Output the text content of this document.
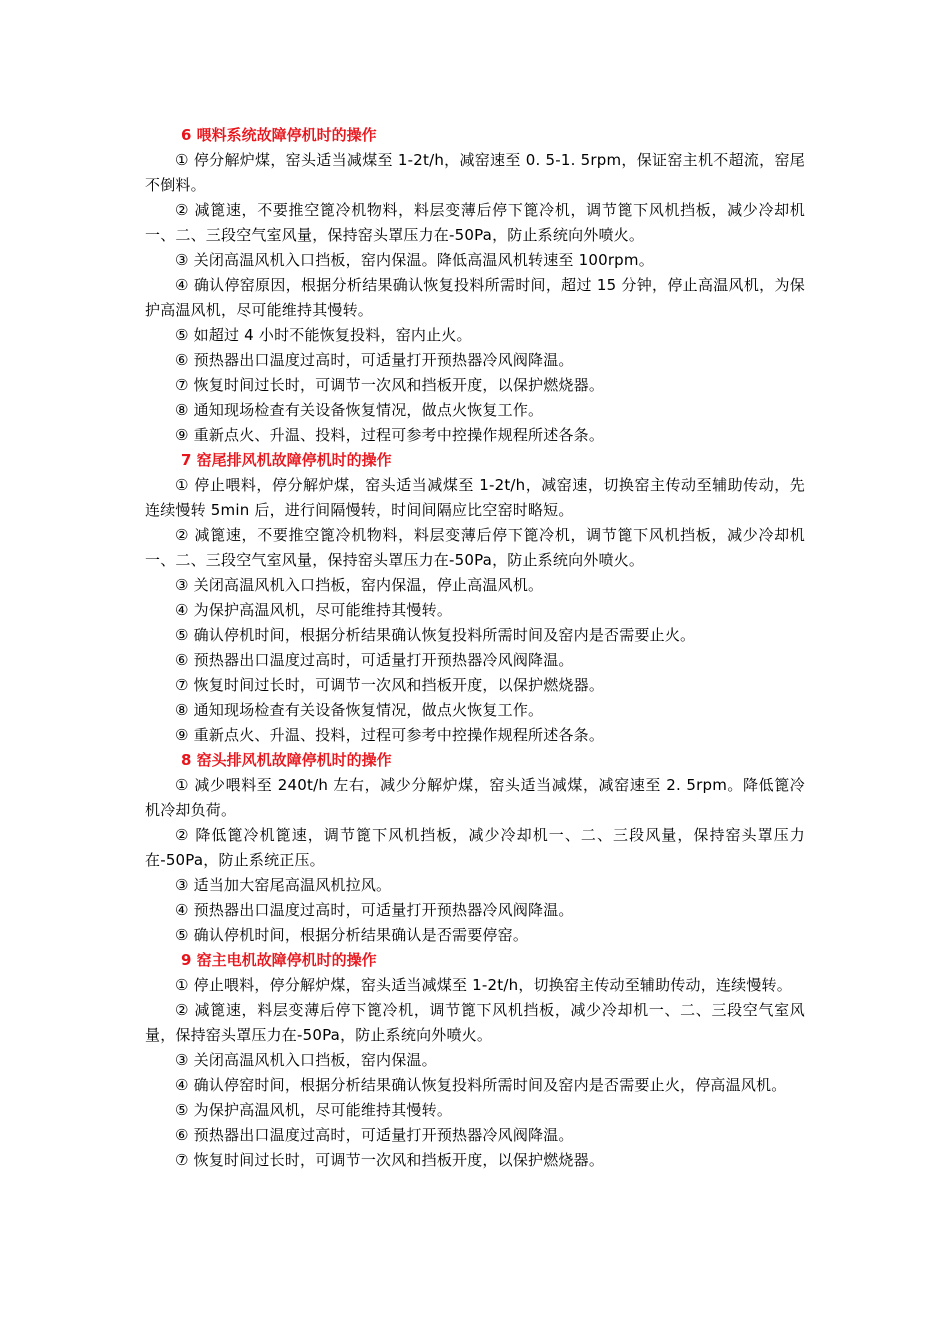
6 喂料系统故障停机时的操作

① 停分解炉煤，窑头适当减煤至 1-2t/h，减窑速至 0. 5-1. 5rpm，保证窑主机不超流，窑尾不倒料。

② 减篦速，不要推空篦冷机物料，料层变薄后停下篦冷机，调节篦下风机挡板，减少冷却机一、二、三段空气室风量，保持窑头罩压力在-50Pa，防止系统向外喷火。

③ 关闭高温风机入口挡板，窑内保温。降低高温风机转速至 100rpm。

④ 确认停窑原因，根据分析结果确认恢复投料所需时间，超过 15 分钟，停止高温风机，为保护高温风机，尽可能维持其慢转。

⑤ 如超过 4 小时不能恢复投料，窑内止火。

⑥ 预热器出口温度过高时，可适量打开预热器冷风阀降温。

⑦ 恢复时间过长时，可调节一次风和挡板开度，以保护燃烧器。

⑧ 通知现场检查有关设备恢复情况，做点火恢复工作。

⑨ 重新点火、升温、投料，过程可参考中控操作规程所述各条。

7 窑尾排风机故障停机时的操作

① 停止喂料，停分解炉煤，窑头适当减煤至 1-2t/h，减窑速，切换窑主传动至辅助传动，先连续慢转 5min 后，进行间隔慢转，时间间隔应比空窑时略短。

② 减篦速，不要推空篦冷机物料，料层变薄后停下篦冷机，调节篦下风机挡板，减少冷却机一、二、三段空气室风量，保持窑头罩压力在-50Pa，防止系统向外喷火。

③ 关闭高温风机入口挡板，窑内保温，停止高温风机。

④ 为保护高温风机，尽可能维持其慢转。

⑤ 确认停机时间，根据分析结果确认恢复投料所需时间及窑内是否需要止火。

⑥ 预热器出口温度过高时，可适量打开预热器冷风阀降温。

⑦ 恢复时间过长时，可调节一次风和挡板开度，以保护燃烧器。

⑧ 通知现场检查有关设备恢复情况，做点火恢复工作。

⑨ 重新点火、升温、投料，过程可参考中控操作规程所述各条。

8 窑头排风机故障停机时的操作

① 减少喂料至 240t/h 左右，减少分解炉煤，窑头适当减煤，减窑速至 2. 5rpm。降低篦冷机冷却负荷。

② 降低篦冷机篦速，调节篦下风机挡板，减少冷却机一、二、三段风量，保持窑头罩压力在-50Pa，防止系统正压。

③ 适当加大窑尾高温风机拉风。

④ 预热器出口温度过高时，可适量打开预热器冷风阀降温。

⑤ 确认停机时间，根据分析结果确认是否需要停窑。

9 窑主电机故障停机时的操作

① 停止喂料，停分解炉煤，窑头适当减煤至 1-2t/h，切换窑主传动至辅助传动，连续慢转。

② 减篦速，料层变薄后停下篦冷机，调节篦下风机挡板，减少冷却机一、二、三段空气室风量，保持窑头罩压力在-50Pa，防止系统向外喷火。

③ 关闭高温风机入口挡板，窑内保温。

④ 确认停窑时间，根据分析结果确认恢复投料所需时间及窑内是否需要止火，停高温风机。

⑤ 为保护高温风机，尽可能维持其慢转。

⑥ 预热器出口温度过高时，可适量打开预热器冷风阀降温。

⑦ 恢复时间过长时，可调节一次风和挡板开度，以保护燃烧器。
